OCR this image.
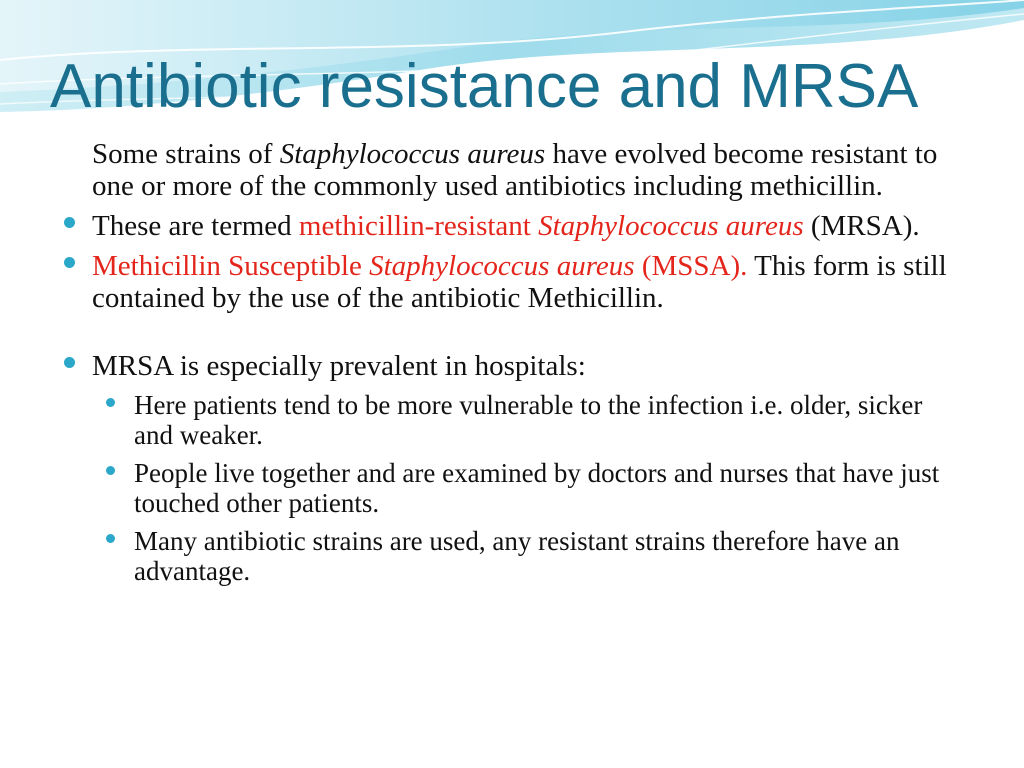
Antibiotic resistance and MRSA

Some strains of Staphylococcus aureus have evolved become resistant to one or more of the commonly used antibiotics including methicillin.

These are termed methicillin-resistant Staphylococcus aureus (MRSA).

Methicillin Susceptible Staphylococcus aureus (MSSA). This form is still contained by the use of the antibiotic Methicillin.

MRSA is especially prevalent in hospitals:

Here patients tend to be more vulnerable to the infection i.e. older, sicker and weaker.

People live together and are examined by doctors and nurses that have just touched other patients.

Many antibiotic strains are used, any resistant strains therefore have an advantage.
